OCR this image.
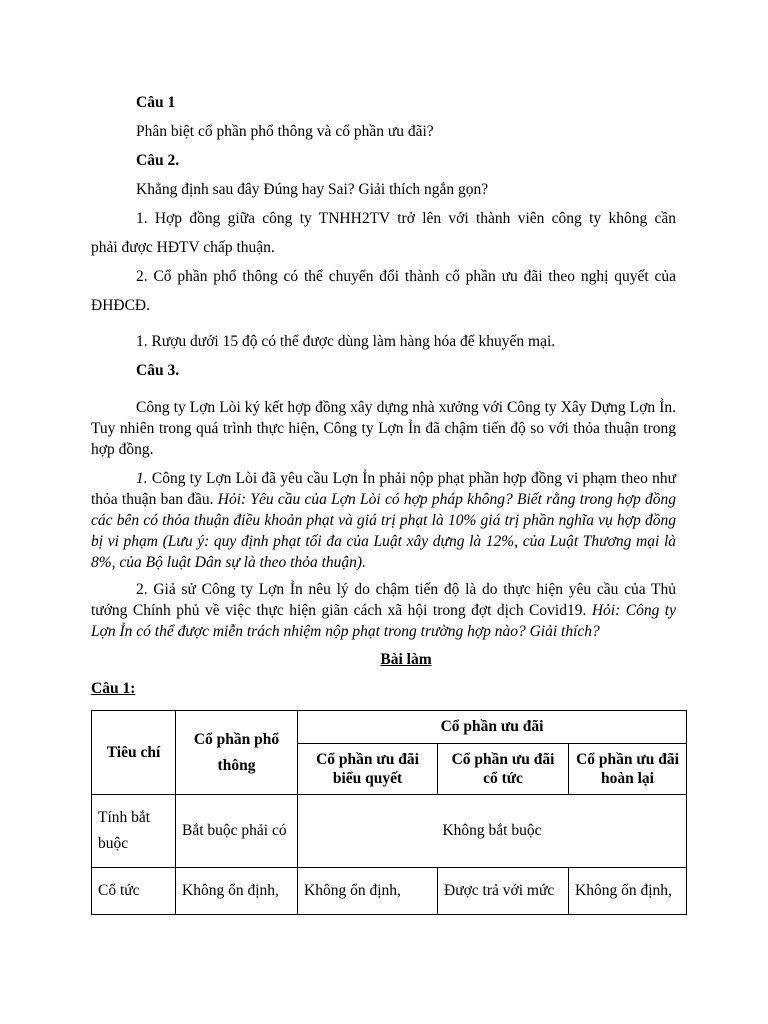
Câu 1

Phân biệt cổ phần phổ thông và cổ phần ưu đãi?

Câu 2.

Khẳng định sau đây Đúng hay Sai? Giải thích ngắn gọn?

1. Hợp đồng giữa công ty TNHH2TV trở lên với thành viên công ty không cần

phải được HĐTV chấp thuận.

2. Cổ phần phổ thông có thể chuyển đổi thành cổ phần ưu đãi theo nghị quyết của

ĐHĐCĐ.

1. Rượu dưới 15 độ có thể được dùng làm hàng hóa để khuyến mại.

Câu 3.

Công ty Lợn Lòi ký kết hợp đồng xây dựng nhà xưởng với Công ty Xây Dựng Lợn Ỉn. Tuy nhiên trong quá trình thực hiện, Công ty Lợn Ỉn đã chậm tiến độ so với thỏa thuận trong hợp đồng.

1. Công ty Lợn Lòi đã yêu cầu Lợn Ỉn phải nộp phạt phần hợp đồng vi phạm theo như thỏa thuận ban đầu. Hỏi: Yêu cầu của Lợn Lòi có hợp pháp không? Biết rằng trong hợp đồng các bên có thỏa thuận điều khoản phạt và giá trị phạt là 10% giá trị phần nghĩa vụ hợp đồng bị vi phạm (Lưu ý: quy định phạt tối đa của Luật xây dựng là 12%, của Luật Thương mại là 8%, của Bộ luật Dân sự là theo thỏa thuận).

2. Giả sử Công ty Lợn Ỉn nêu lý do chậm tiến độ là do thực hiện yêu cầu của Thủ tướng Chính phủ về việc thực hiện giãn cách xã hội trong đợt dịch Covid19. Hỏi: Công ty Lợn Ỉn có thể được miễn trách nhiệm nộp phạt trong trường hợp nào? Giải thích?

Bài làm

Câu 1:

Tiêu chí	Cổ phần phổ thông	Cổ phần ưu đãi		
		Cổ phần ưu đãi biểu quyết	Cổ phần ưu đãi cổ tức	Cổ phần ưu đãi hoàn lại
Tính bắt buộc	Bắt buộc phải có	Không bắt buộc		
Cổ tức	Không ổn định,	Không ổn định,	Được trả với mức	Không ổn định,
